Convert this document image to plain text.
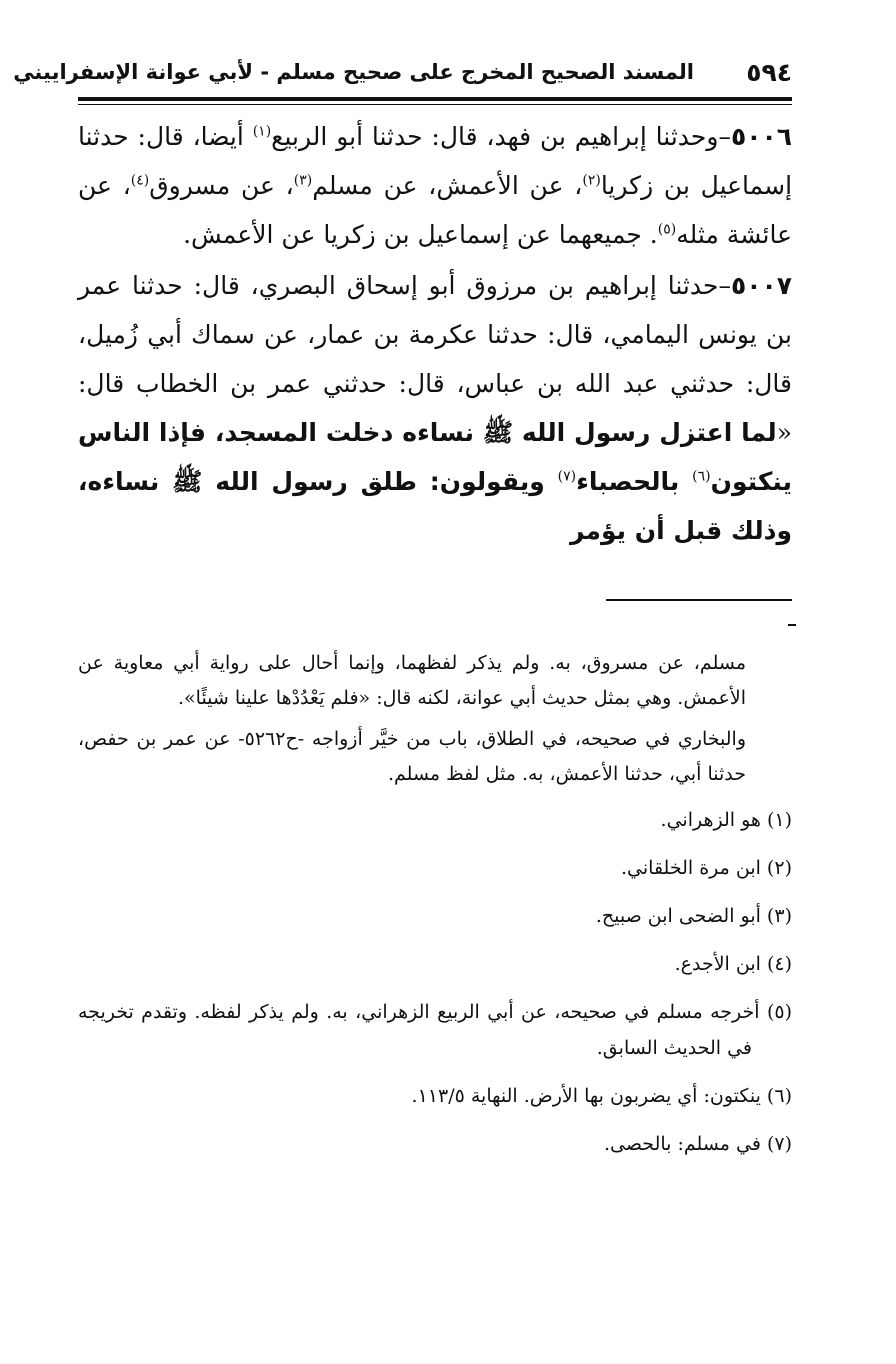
٥٩٤
المسند الصحيح المخرج على صحيح مسلم - لأبي عوانة الإسفراييني

٥٠٠٦–وحدثنا إبراهيم بن فهد، قال: حدثنا أبو الربيع$^{(١)}$ أيضا، قال: حدثنا إسماعيل بن زكريا$^{(٢)}$، عن الأعمش، عن مسلم$^{(٣)}$، عن مسروق$^{(٤)}$، عن عائشة مثله$^{(٥)}$. جميعهما عن إسماعيل بن زكريا عن الأعمش.

٥٠٠٧–حدثنا إبراهيم بن مرزوق أبو إسحاق البصري، قال: حدثنا عمر بن يونس اليمامي، قال: حدثنا عكرمة بن عمار، عن سماك أبي زُميل، قال: حدثني عبد الله بن عباس، قال: حدثني عمر بن الخطاب قال: «لما اعتزل رسول الله ﷺ نساءه دخلت المسجد، فإذا الناس ينكتون$^{(٦)}$ بالحصباء$^{(٧)}$ ويقولون: طلق رسول الله ﷺ نساءه، وذلك قبل أن يؤمر

مسلم، عن مسروق، به. ولم يذكر لفظهما، وإنما أحال على رواية أبي معاوية عن الأعمش. وهي بمثل حديث أبي عوانة، لكنه قال: «فلم يَعْدُدْها علينا شيئًا».

والبخاري في صحيحه، في الطلاق، باب من خيَّر أزواجه -ح٥٢٦٢- عن عمر بن حفص، حدثنا أبي، حدثنا الأعمش، به. مثل لفظ مسلم.

(١) هو الزهراني.

(٢) ابن مرة الخلقاني.

(٣) أبو الضحى ابن صبيح.

(٤) ابن الأجدع.

(٥) أخرجه مسلم في صحيحه، عن أبي الربيع الزهراني، به. ولم يذكر لفظه. وتقدم تخريجه في الحديث السابق.

(٦) ينكتون: أي يضربون بها الأرض. النهاية ١١٣/٥.

(٧) في مسلم: بالحصى.
